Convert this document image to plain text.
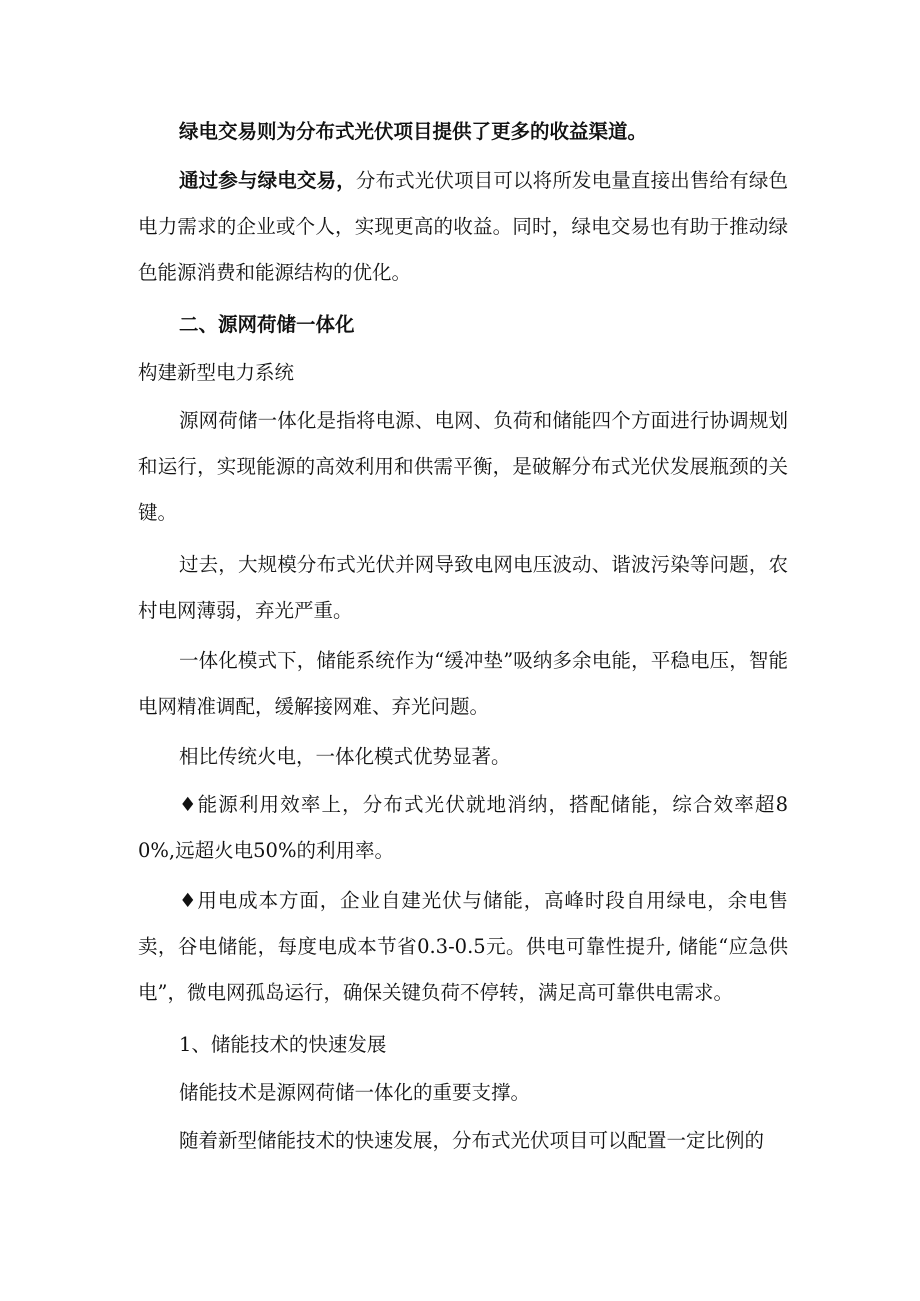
绿电交易则为分布式光伏项目提供了更多的收益渠道。

通过参与绿电交易，分布式光伏项目可以将所发电量直接出售给有绿色电力需求的企业或个人，实现更高的收益。同时，绿电交易也有助于推动绿色能源消费和能源结构的优化。

二、源网荷储一体化

构建新型电力系统

源网荷储一体化是指将电源、电网、负荷和储能四个方面进行协调规划和运行，实现能源的高效利用和供需平衡，是破解分布式光伏发展瓶颈的关键。

过去，大规模分布式光伏并网导致电网电压波动、谐波污染等问题，农村电网薄弱，弃光严重。

一体化模式下，储能系统作为“缓冲垫”吸纳多余电能，平稳电压，智能电网精准调配，缓解接网难、弃光问题。

相比传统火电，一体化模式优势显著。

♦能源利用效率上，分布式光伏就地消纳，搭配储能，综合效率超80%,远超火电50%的利用率。

♦用电成本方面，企业自建光伏与储能，高峰时段自用绿电，余电售卖，谷电储能，每度电成本节省0.3-0.5元。供电可靠性提升, 储能“应急供电”，微电网孤岛运行，确保关键负荷不停转，满足高可靠供电需求。

1、储能技术的快速发展

储能技术是源网荷储一体化的重要支撑。

随着新型储能技术的快速发展，分布式光伏项目可以配置一定比例的
